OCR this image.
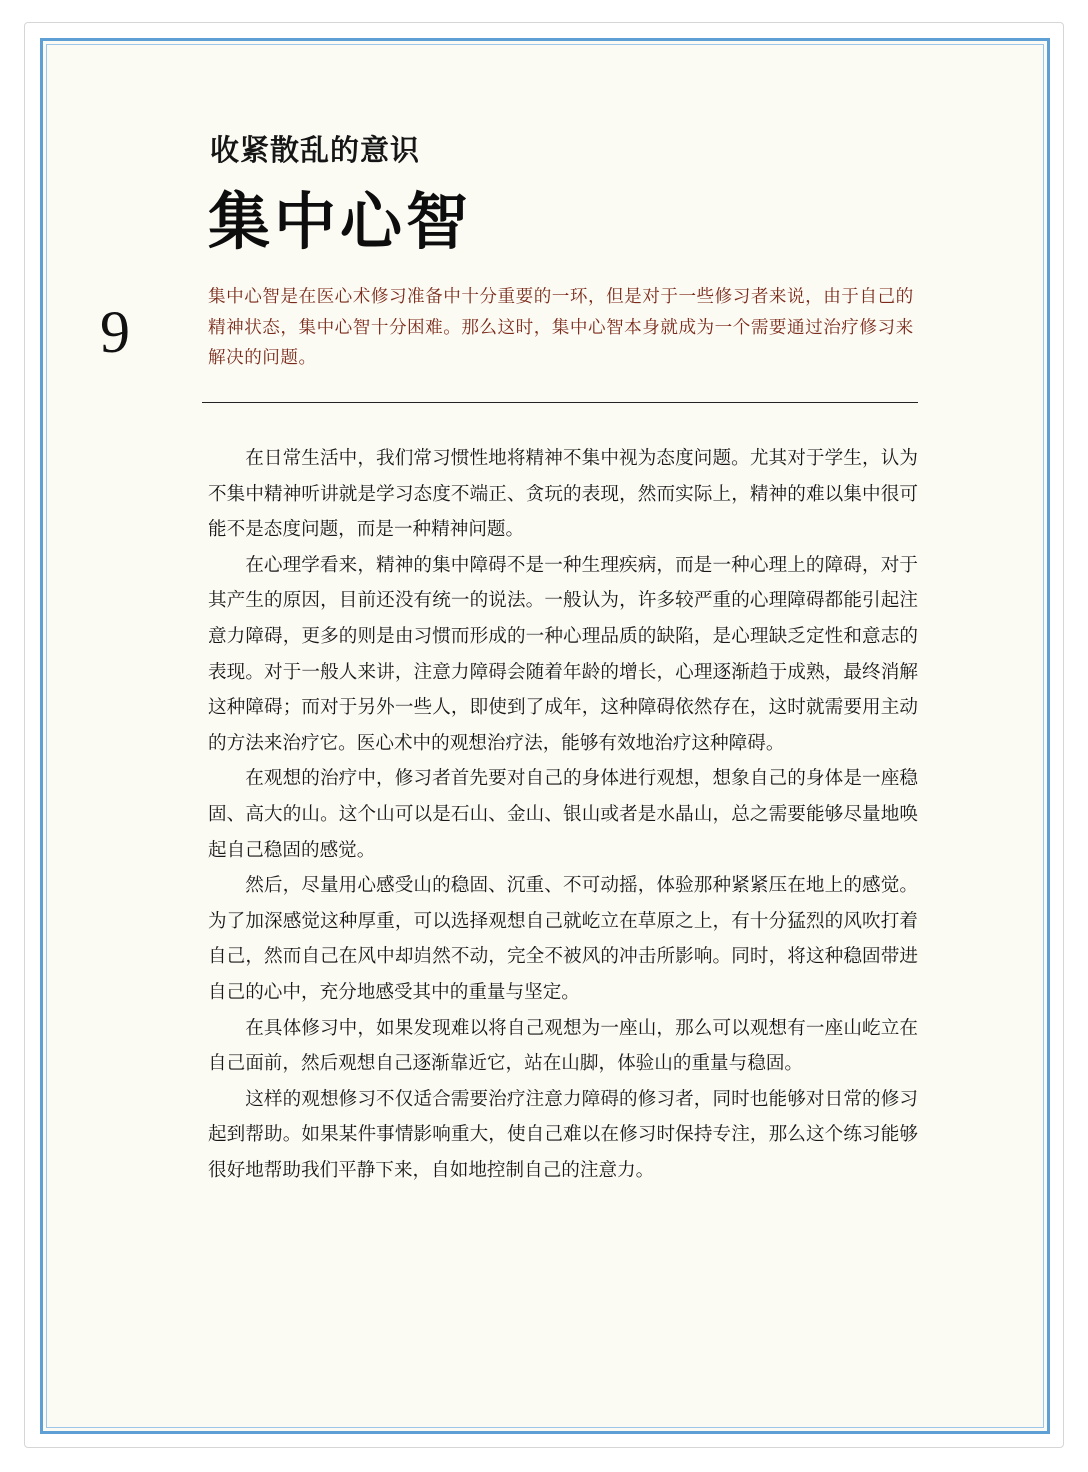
收紧散乱的意识
集中心智
9

集中心智是在医心术修习准备中十分重要的一环，但是对于一些修习者来说，由于自己的精神状态，集中心智十分困难。那么这时，集中心智本身就成为一个需要通过治疗修习来解决的问题。

在日常生活中，我们常习惯性地将精神不集中视为态度问题。尤其对于学生，认为不集中精神听讲就是学习态度不端正、贪玩的表现，然而实际上，精神的难以集中很可能不是态度问题，而是一种精神问题。

在心理学看来，精神的集中障碍不是一种生理疾病，而是一种心理上的障碍，对于其产生的原因，目前还没有统一的说法。一般认为，许多较严重的心理障碍都能引起注意力障碍，更多的则是由习惯而形成的一种心理品质的缺陷，是心理缺乏定性和意志的表现。对于一般人来讲，注意力障碍会随着年龄的增长，心理逐渐趋于成熟，最终消解这种障碍；而对于另外一些人，即使到了成年，这种障碍依然存在，这时就需要用主动的方法来治疗它。医心术中的观想治疗法，能够有效地治疗这种障碍。

在观想的治疗中，修习者首先要对自己的身体进行观想，想象自己的身体是一座稳固、高大的山。这个山可以是石山、金山、银山或者是水晶山，总之需要能够尽量地唤起自己稳固的感觉。

然后，尽量用心感受山的稳固、沉重、不可动摇，体验那种紧紧压在地上的感觉。为了加深感觉这种厚重，可以选择观想自己就屹立在草原之上，有十分猛烈的风吹打着自己，然而自己在风中却岿然不动，完全不被风的冲击所影响。同时，将这种稳固带进自己的心中，充分地感受其中的重量与坚定。

在具体修习中，如果发现难以将自己观想为一座山，那么可以观想有一座山屹立在自己面前，然后观想自己逐渐靠近它，站在山脚，体验山的重量与稳固。

这样的观想修习不仅适合需要治疗注意力障碍的修习者，同时也能够对日常的修习起到帮助。如果某件事情影响重大，使自己难以在修习时保持专注，那么这个练习能够很好地帮助我们平静下来，自如地控制自己的注意力。
